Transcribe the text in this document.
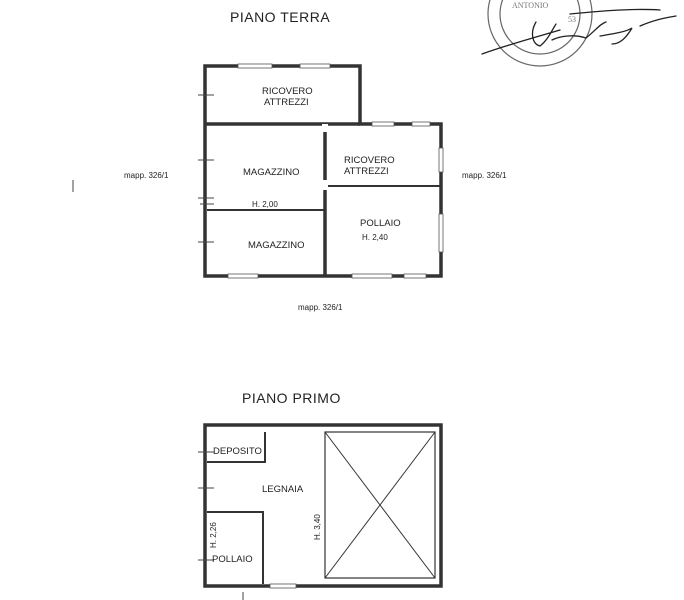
ANTONIO
53
PIANO TERRA
RICOVERO
ATTREZZI
MAGAZZINO
RICOVERO
ATTREZZI
H. 2,00
POLLAIO
H. 2,40
MAGAZZINO
mapp. 326/1	mapp. 326/1
mapp. 326/1
PIANO PRIMO
DEPOSITO
LEGNAIA
POLLAIO
H. 2,26	H. 3,40
